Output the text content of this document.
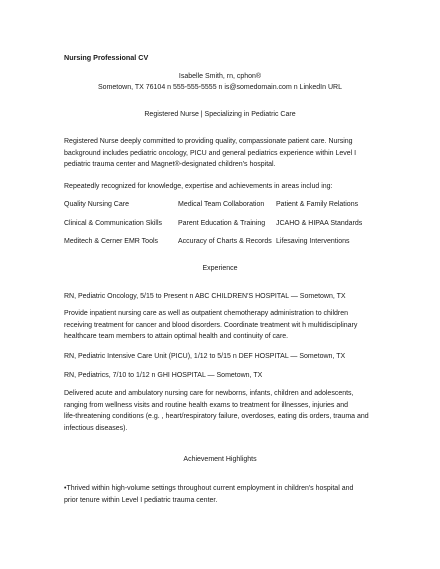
Nursing Professional CV
Isabelle Smith, rn, cphon®
Sometown, TX 76104 n 555-555-5555 n is@somedomain.com n LinkedIn URL
Registered Nurse | Specializing in Pediatric Care
Registered Nurse deeply committed to providing quality, compassionate patient care. Nursing
background includes pediatric oncology, PICU and general pediatrics experience within Level I
pediatric trauma center and Magnet®-designated children's hospital.
Repeatedly recognized for knowledge, expertise and achievements in areas includ ing:
Quality Nursing Care	Medical Team Collaboration Patient & Family Relations
Clinical & Communication Skills Parent Education & Training JCAHO & HIPAA Standards
Meditech & Cerner EMR Tools	Accuracy of Charts & Records Lifesaving Interventions
Experience
RN, Pediatric Oncology, 5/15 to Present n ABC CHILDREN'S HOSPITAL — Sometown, TX
Provide inpatient nursing care as well as outpatient chemotherapy administration to children
receiving treatment for cancer and blood disorders. Coordinate treatment wit h multidisciplinary
healthcare team members to attain optimal health and continuity of care.
RN, Pediatric Intensive Care Unit (PICU), 1/12 to 5/15 n DEF HOSPITAL — Sometown, TX
RN, Pediatrics, 7/10 to 1/12 n GHI HOSPITAL — Sometown, TX
Delivered acute and ambulatory nursing care for newborns, infants, children and adolescents,
ranging from wellness visits and routine health exams to treatment for illnesses, injuries and
life-threatening conditions (e.g. , heart/respiratory failure, overdoses, eating dis orders, trauma and
infectious diseases).
Achievement Highlights
•Thrived within high-volume settings throughout current employment in children's hospital and
prior tenure within Level I pediatric trauma center.
